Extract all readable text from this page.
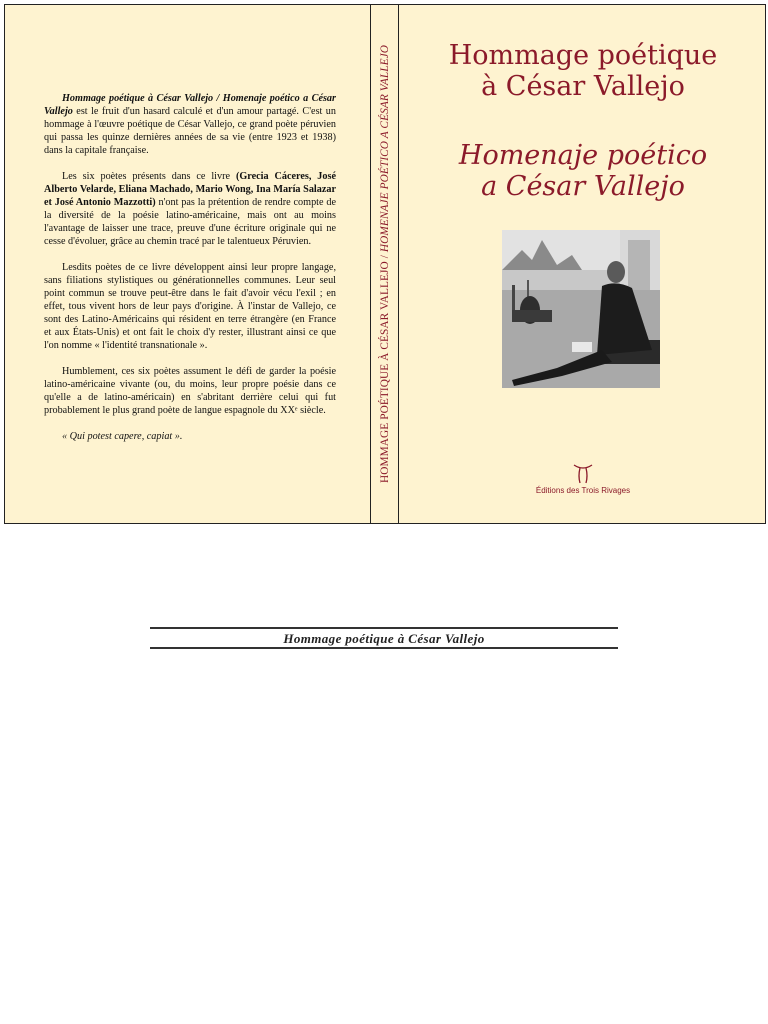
Hommage poétique à César Vallejo / Homenaje poético a César Vallejo est le fruit d'un hasard calculé et d'un amour partagé. C'est un hommage à l'œuvre poétique de César Vallejo, ce grand poète péruvien qui passa les quinze dernières années de sa vie (entre 1923 et 1938) dans la capitale française.

Les six poètes présents dans ce livre (Grecia Cáceres, José Alberto Velarde, Eliana Machado, Mario Wong, Ina María Salazar et José Antonio Mazzotti) n'ont pas la prétention de rendre compte de la diversité de la poésie latino-américaine, mais ont au moins l'avantage de laisser une trace, preuve d'une écriture originale qui ne cesse d'évoluer, grâce au chemin tracé par le talentueux Péruvien.

Lesdits poètes de ce livre développent ainsi leur propre langage, sans filiations stylistiques ou générationnelles communes. Leur seul point commun se trouve peut-être dans le fait d'avoir vécu l'exil ; en effet, tous vivent hors de leur pays d'origine. À l'instar de Vallejo, ce sont des Latino-Américains qui résident en terre étrangère (en France et aux États-Unis) et ont fait le choix d'y rester, illustrant ainsi ce que l'on nomme « l'identité transnationale ».

Humblement, ces six poètes assument le défi de garder la poésie latino-américaine vivante (ou, du moins, leur propre poésie dans ce qu'elle a de latino-américain) en s'abritant derrière celui qui fut probablement le plus grand poète de langue espagnole du XXᵉ siècle.

« Qui potest capere, capiat ».	HOMMAGE POÉTIQUE À CÉSAR VALLEJO / HOMENAJE POÉTICO A CÉSAR VALLEJO	Hommage poétique
à César Vallejo
Homenaje poético
a César Vallejo
Éditions des Trois Rivages
Hommage poétique à César Vallejo
